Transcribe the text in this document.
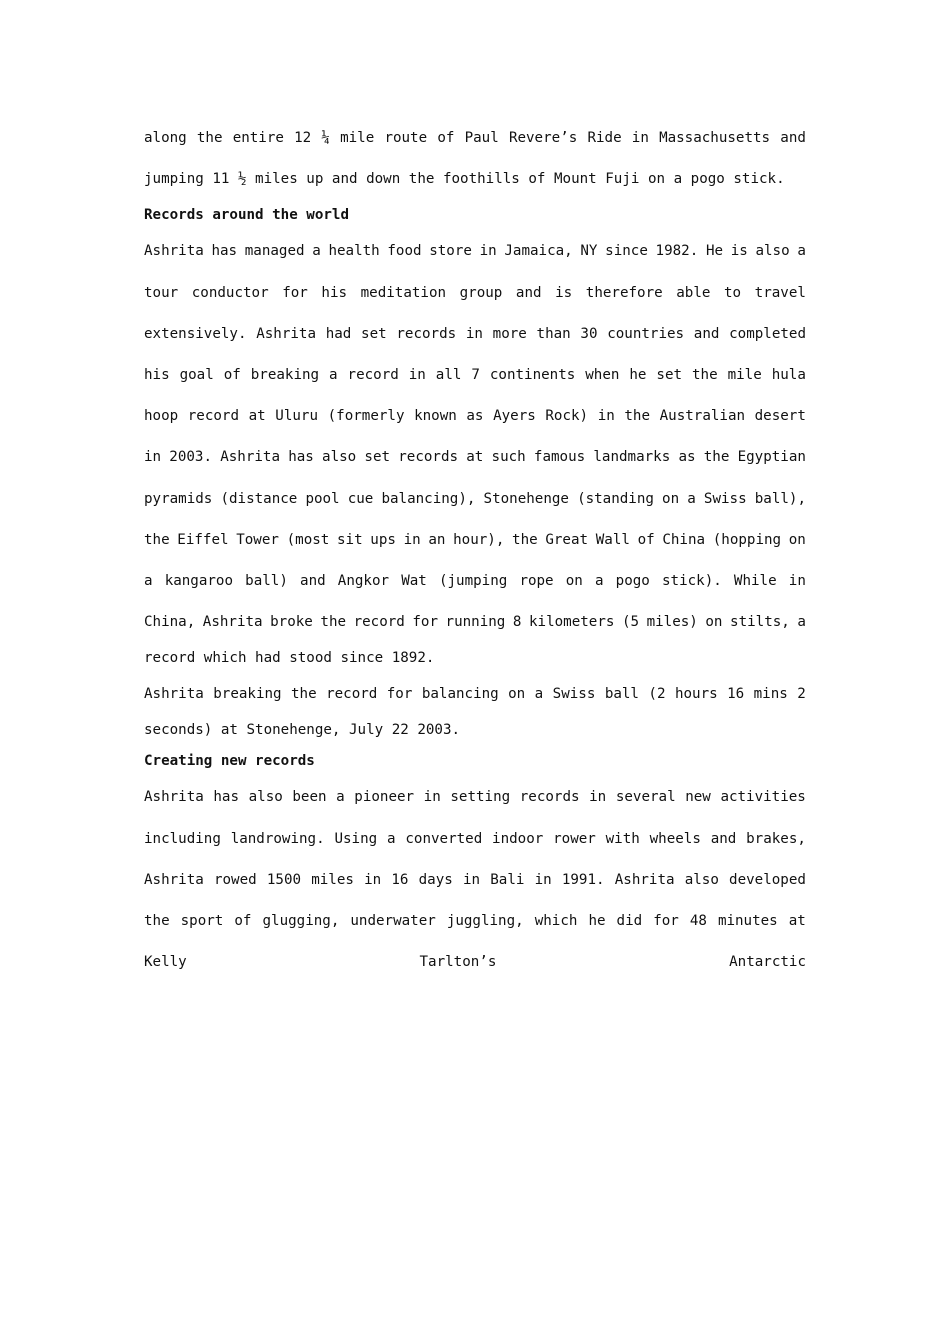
along the entire 12 ¼ mile route of Paul Revere’s Ride in Massachusetts and
jumping 11 ½ miles up and down the foothills of Mount Fuji on a pogo stick.
Records around the world
Ashrita has managed a health food store in Jamaica, NY since 1982. He is also a
tour conductor for his meditation group and is therefore able to travel
extensively. Ashrita had set records in more than 30 countries and completed
his goal of breaking a record in all 7 continents when he set the mile hula
hoop record at Uluru (formerly known as Ayers Rock) in the Australian desert
in 2003. Ashrita has also set records at such famous landmarks as the Egyptian
pyramids (distance pool cue balancing), Stonehenge (standing on a Swiss ball),
the Eiffel Tower (most sit ups in an hour), the Great Wall of China (hopping on
a kangaroo ball) and Angkor Wat (jumping rope on a pogo stick). While in
China, Ashrita broke the record for running 8 kilometers (5 miles) on stilts, a
record which had stood since 1892.
Ashrita breaking the record for balancing on a Swiss ball (2 hours 16 mins 2
seconds) at Stonehenge, July 22 2003.
Creating new records
Ashrita has also been a pioneer in setting records in several new activities
including landrowing. Using a converted indoor rower with wheels and brakes,
Ashrita rowed 1500 miles in 16 days in Bali in 1991. Ashrita also developed
the sport of glugging, underwater juggling, which he did for 48 minutes at
Kelly	Tarlton’s	Antarctic
